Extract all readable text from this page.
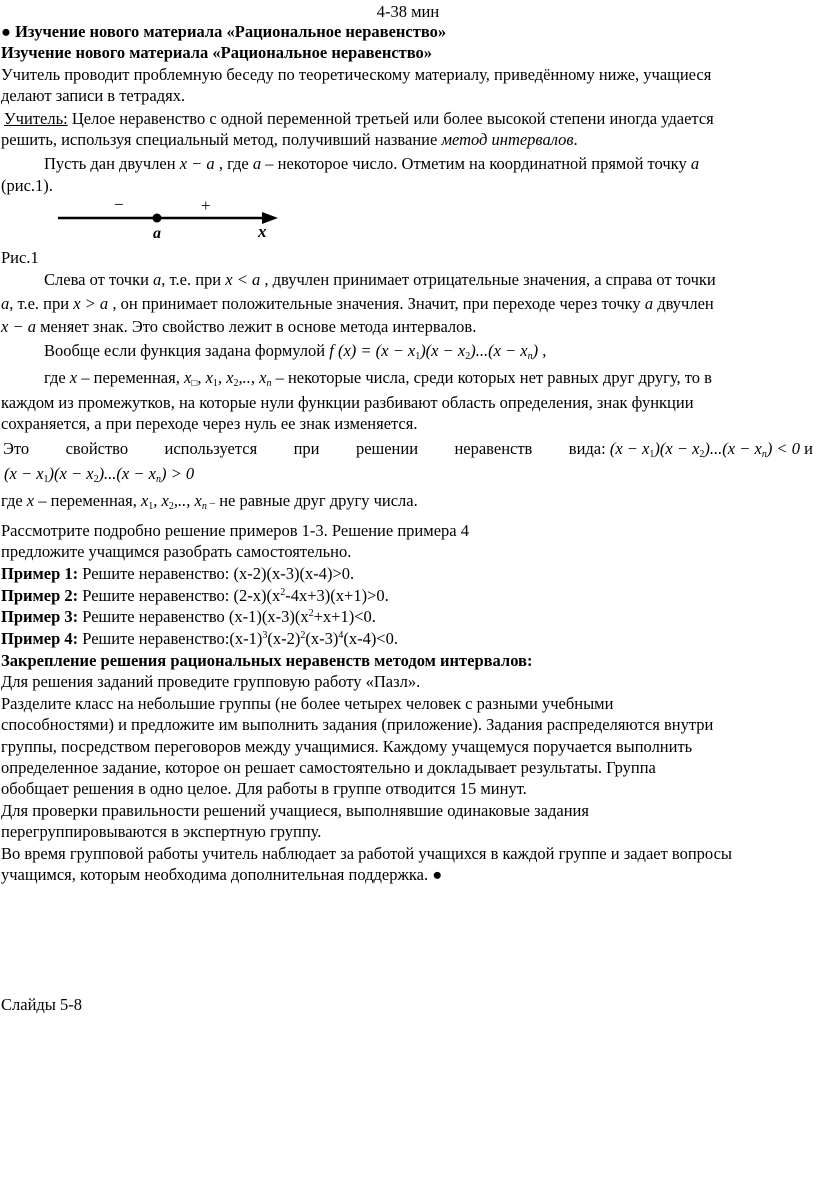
4-38 мин
● Изучение нового материала «Рациональное неравенство»
Изучение нового материала «Рациональное неравенство»
Учитель проводит проблемную беседу по теоретическому материалу, приведённому ниже, учащиеся
делают записи в тетрадях.
Учитель: Целое неравенство с одной переменной третьей или более высокой степени иногда удается
решить, используя специальный метод, получивший название метод интервалов.
Пусть дан двучлен x − a , где a – некоторое число. Отметим на координатной прямой точку a
(рис.1).
−	+
a	x
Рис.1
Слева от точки a, т.е. при x < a , двучлен принимает отрицательные значения, а справа от точки
a, т.е. при x > a , он принимает положительные значения. Значит, при переходе через точку a двучлен
x − a меняет знак. Это свойство лежит в основе метода интервалов.
Вообще если функция задана формулой f $(x) = (x - x_1)(x - x_2)...(x - x_n)$ ,
где x – переменная, $x_□$, $x_1$, $x_2$,.., $x_n$ – некоторые числа, среди которых нет равных друг другу, то в
каждом из промежутков, на которые нули функции разбивают область определения, знак функции
сохраняется, а при переходе через нуль ее знак изменяется.
Это свойство используется при решении неравенств вида: $(x - x_1)(x - x_2)...(x - x_n) < 0$ и
$(x - x_1)(x - x_2)...(x - x_n) > 0$
где x – переменная, $x_1$, $x_2$,.., $x_n$ – не равные друг другу числа.
Рассмотрите подробно решение примеров 1-3. Решение примера 4
предложите учащимся разобрать самостоятельно.
Пример 1: Решите неравенство: (x-2)(x-3)(x-4)>0.
Пример 2: Решите неравенство: $(2-x)(x^2-4x+3)(x+1)>0$.
Пример 3: Решите неравенство $(x-1)(x-3)(x^2+x+1)<0$.
Пример 4: Решите $неравенство:(x-1)^3(x-2)^2(x-3)^4(x-4)<0$.
Закрепление решения рациональных неравенств методом интервалов:
Для решения заданий проведите групповую работу «Пазл».
Разделите класс на небольшие группы (не более четырех человек с разными учебными
способностями) и предложите им выполнить задания (приложение). Задания распределяются внутри
группы, посредством переговоров между учащимися. Каждому учащемуся поручается выполнить
определенное задание, которое он решает самостоятельно и докладывает результаты. Группа
обобщает решения в одно целое. Для работы в группе отводится 15 минут.
Для проверки правильности решений учащиеся, выполнявшие одинаковые задания
перегруппировываются в экспертную группу.
Во время групповой работы учитель наблюдает за работой учащихся в каждой группе и задает вопросы
учащимся, которым необходима дополнительная поддержка. ●
Слайды 5-8
